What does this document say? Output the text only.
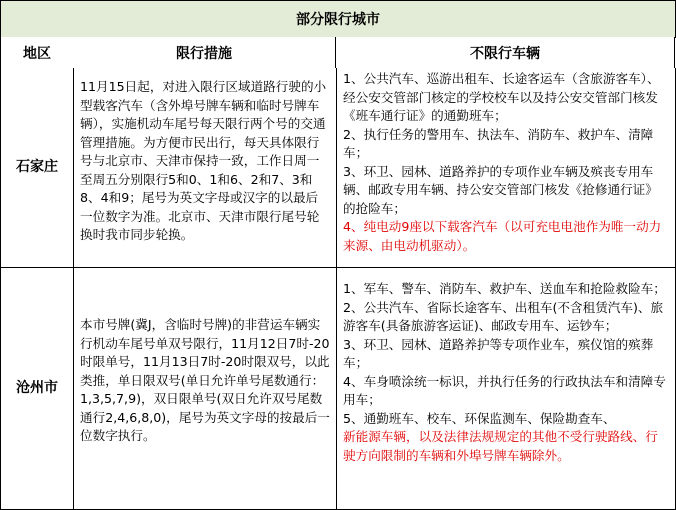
部分限行城市
地区	限行措施	不限行车辆
石家庄
11月15日起，对进入限行区域道路行驶的小型载客汽车（含外埠号牌车辆和临时号牌车辆），实施机动车尾号每天限行两个号的交通管理措施。为方便市民出行，每天具体限行号与北京市、天津市保持一致，工作日周一至周五分别限行5和0、1和6、2和7、3和8、4和9；尾号为英文字母或汉字的以最后一位数字为准。北京市、天津市限行尾号轮换时我市同步轮换。

1、公共汽车、巡游出租车、长途客运车（含旅游客车）、经公安交管部门核定的学校校车以及持公安交管部门核发《班车通行证》的通勤班车；

2、执行任务的警用车、执法车、消防车、救护车、清障车；

3、环卫、园林、道路养护的专项作业车辆及殡丧专用车辆、邮政专用车辆、持公安交管部门核发《抢修通行证》的抢险车；

4、纯电动9座以下载客汽车（以可充电电池作为唯一动力来源、由电动机驱动）。

沧州市
本市号牌(冀J，含临时号牌)的非营运车辆实行机动车尾号单双号限行，11月12日7时-20时限单号，11月13日7时-20时限双号，以此类推，单日限双号(单日允许单号尾数通行：1,3,5,7,9)，双日限单号(双日允许双号尾数通行2,4,6,8,0)，尾号为英文字母的按最后一位数字执行。

1、军车、警车、消防车、救护车、送血车和抢险救险车；

2、公共汽车、省际长途客车、出租车(不含租赁汽车)、旅游客车(具备旅游客运证)、邮政专用车、运钞车；

3、环卫、园林、道路养护等专项作业车，殡仪馆的殡葬车；

4、车身喷涂统一标识，并执行任务的行政执法车和清障专用车；

5、通勤班车、校车、环保监测车、保险勘查车、

新能源车辆，以及法律法规规定的其他不受行驶路线、行驶方向限制的车辆和外埠号牌车辆除外。
